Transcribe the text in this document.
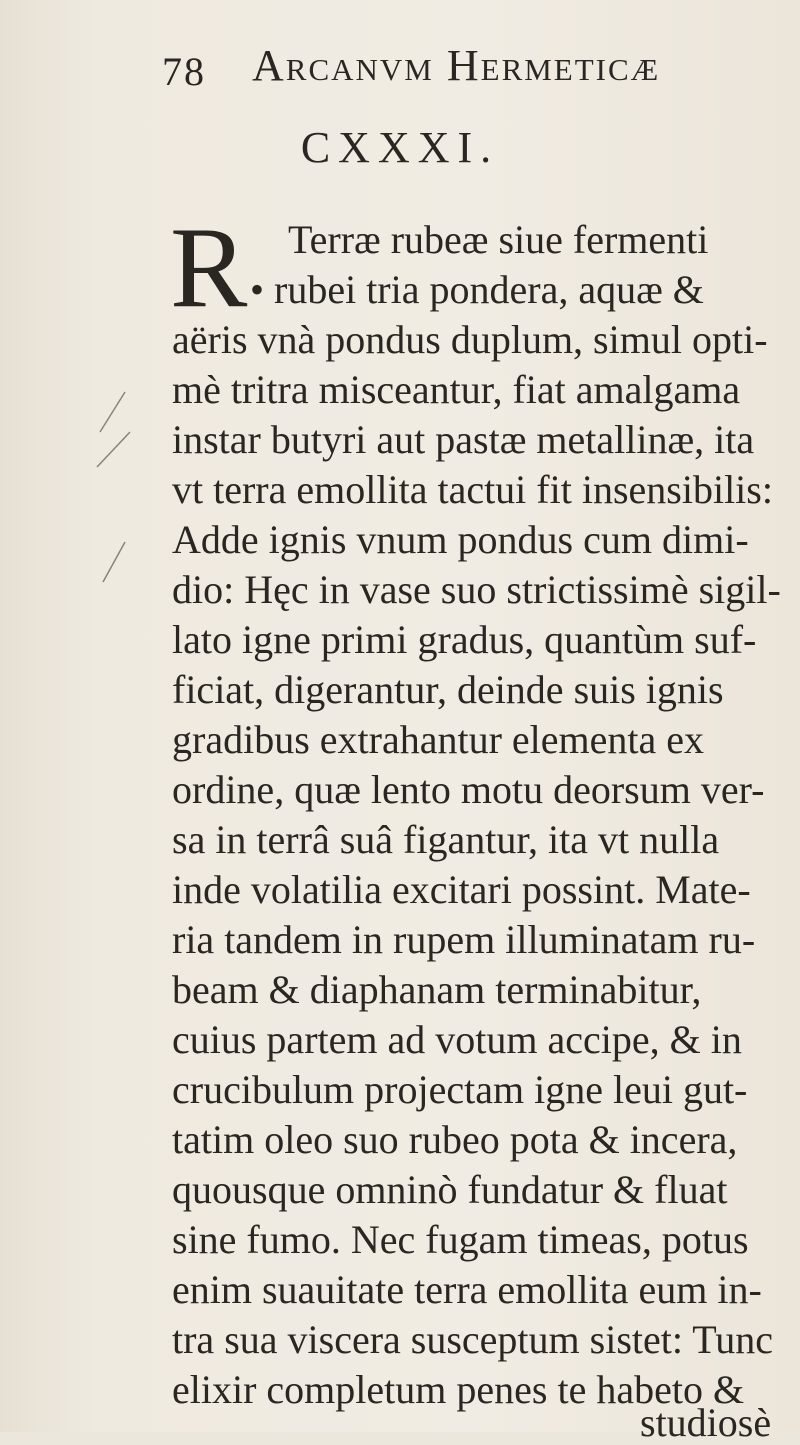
78 Arcanvm Hermeticæ
CXXXI.
R Terræ rubeæ siue fermenti
• rubei tria pondera, aquæ &
aëris vnà pondus duplum, simul opti-
mè tritra misceantur, fiat amalgama
instar butyri aut pastæ metallinæ, ita
vt terra emollita tactui fit insensibilis:
Adde ignis vnum pondus cum dimi-
dio: Hęc in vase suo strictissimè sigil-
lato igne primi gradus, quantùm suf-
ficiat, digerantur, deinde suis ignis
gradibus extrahantur elementa ex
ordine, quæ lento motu deorsum ver-
sa in terrâ suâ figantur, ita vt nulla
inde volatilia excitari possint. Mate-
ria tandem in rupem illuminatam ru-
beam & diaphanam terminabitur,
cuius partem ad votum accipe, & in
crucibulum projectam igne leui gut-
tatim oleo suo rubeo pota & incera,
quousque omninò fundatur & fluat
sine fumo. Nec fugam timeas, potus
enim suauitate terra emollita eum in-
tra sua viscera susceptum sistet: Tunc
elixir completum penes te habeto &
studiosè
